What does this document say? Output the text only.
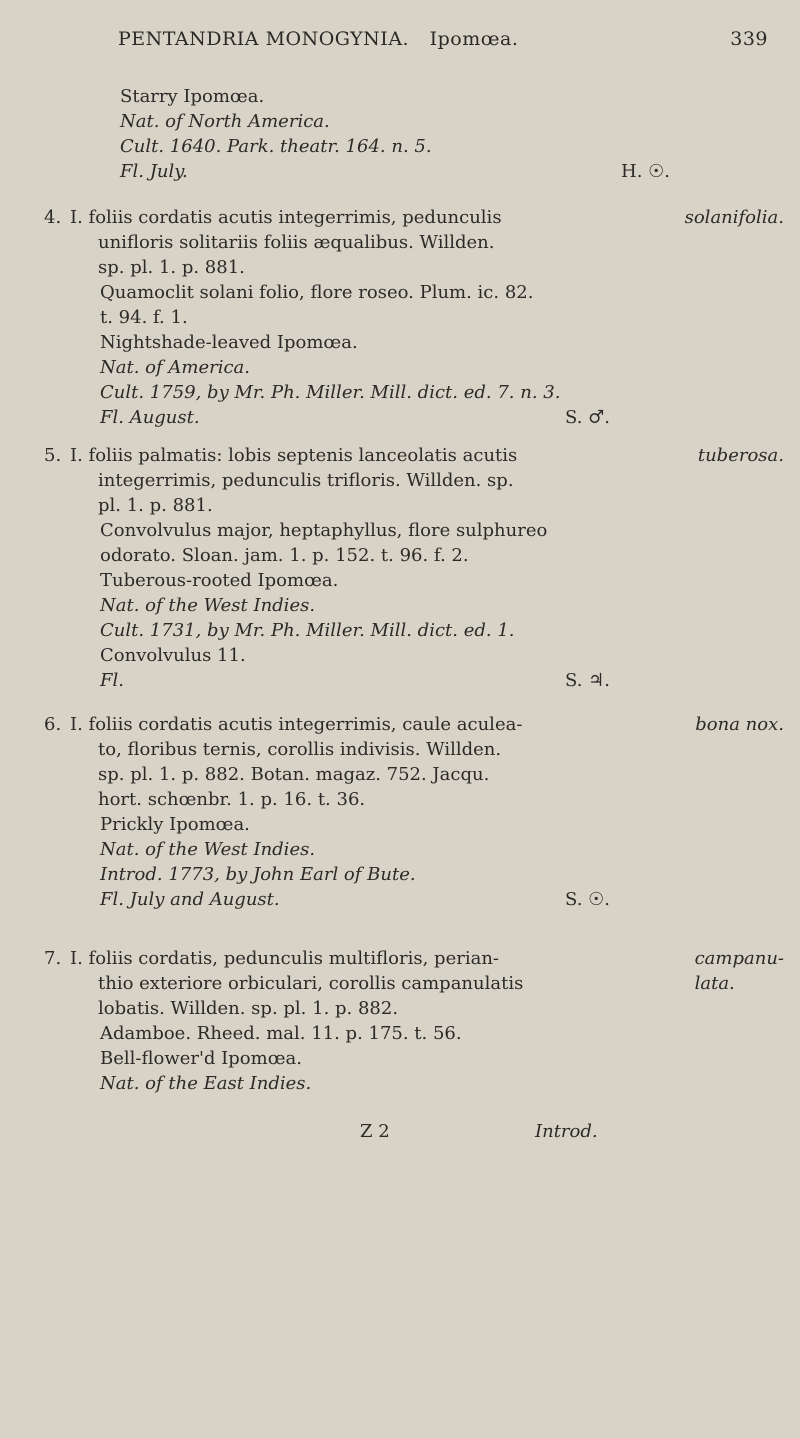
PENTANDRIA MONOGYNIA. Ipomœa.	339
Starry Ipomœa.
Nat. of North America.
Cult. 1640. Park. theatr. 164. n. 5.
Fl. July.	H. ☉.
4.	solanifolia.
I. foliis cordatis acutis integerrimis, pedunculis
unifloris solitariis foliis æqualibus. Willden.
sp. pl. 1. p. 881.
Quamoclit solani folio, flore roseo. Plum. ic. 82.
t. 94. f. 1.
Nightshade-leaved Ipomœa.
Nat. of America.
Cult. 1759, by Mr. Ph. Miller. Mill. dict. ed. 7. n. 3.
Fl. August.	S. ♂.
5.	tuberosa.
I. foliis palmatis: lobis septenis lanceolatis acutis
integerrimis, pedunculis trifloris. Willden. sp.
pl. 1. p. 881.
Convolvulus major, heptaphyllus, flore sulphureo
odorato. Sloan. jam. 1. p. 152. t. 96. f. 2.
Tuberous-rooted Ipomœa.
Nat. of the West Indies.
Cult. 1731, by Mr. Ph. Miller. Mill. dict. ed. 1.
Convolvulus 11.
Fl.	S. ♃.
6.	bona nox.
I. foliis cordatis acutis integerrimis, caule aculea-
to, floribus ternis, corollis indivisis. Willden.
sp. pl. 1. p. 882. Botan. magaz. 752. Jacqu.
hort. schœnbr. 1. p. 16. t. 36.
Prickly Ipomœa.
Nat. of the West Indies.
Introd. 1773, by John Earl of Bute.
Fl. July and August.	S. ☉.
7.	campanu-
lata.
I. foliis cordatis, pedunculis multifloris, perian-
thio exteriore orbiculari, corollis campanulatis
lobatis. Willden. sp. pl. 1. p. 882.
Adamboe. Rheed. mal. 11. p. 175. t. 56.
Bell-flower'd Ipomœa.
Nat. of the East Indies.
Z 2	Introd.
